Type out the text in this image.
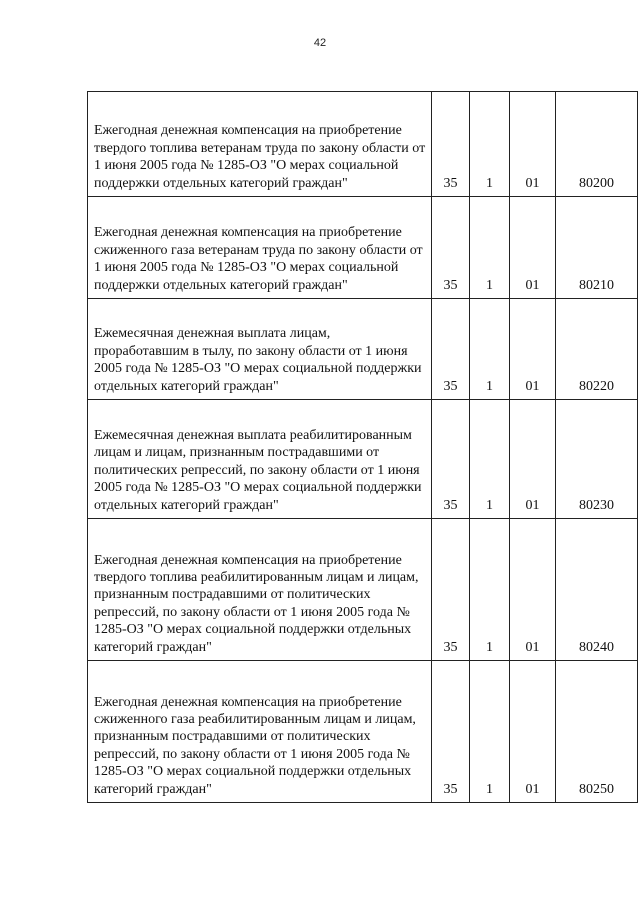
42
Ежегодная денежная компенсация на приобретение твердого топлива ветеранам труда по закону области от 1 июня 2005 года № 1285-ОЗ "О мерах социальной поддержки отдельных категорий граждан"	35	1	01	80200

Ежегодная денежная компенсация на приобретение сжиженного газа ветеранам труда по закону области от 1 июня 2005 года № 1285-ОЗ "О мерах социальной поддержки отдельных категорий граждан"	35	1	01	80210

Ежемесячная денежная выплата лицам, проработавшим в тылу, по закону области от 1 июня 2005 года № 1285-ОЗ "О мерах социальной поддержки отдельных категорий граждан"	35	1	01	80220

Ежемесячная денежная выплата реабилитированным лицам и лицам, признанным пострадавшими от политических репрессий, по закону области от 1 июня 2005 года № 1285-ОЗ "О мерах социальной поддержки отдельных категорий граждан"	35	1	01	80230

Ежегодная денежная компенсация на приобретение твердого топлива реабилитированным лицам и лицам, признанным пострадавшими от политических репрессий, по закону области от 1 июня 2005 года № 1285-ОЗ "О мерах социальной поддержки отдельных категорий граждан"	35	1	01	80240

Ежегодная денежная компенсация на приобретение сжиженного газа реабилитированным лицам и лицам, признанным пострадавшими от политических репрессий, по закону области от 1 июня 2005 года № 1285-ОЗ "О мерах социальной поддержки отдельных категорий граждан"	35	1	01	80250
